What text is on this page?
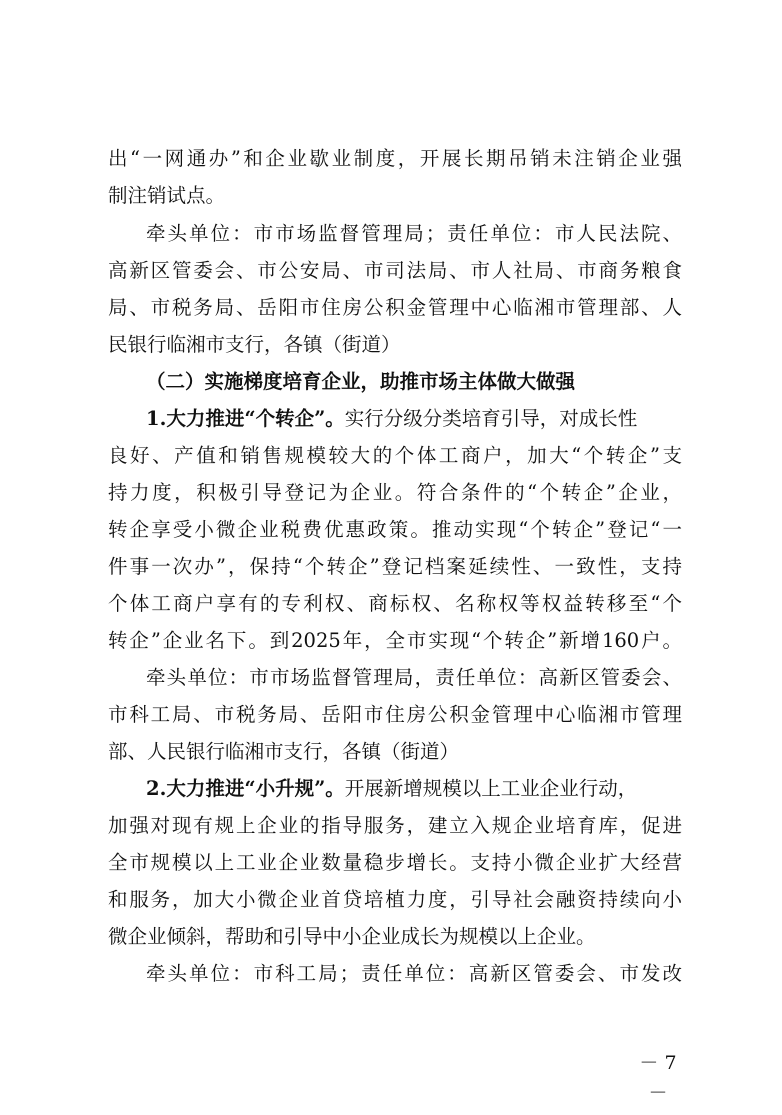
出“一网通办”和企业歇业制度，开展长期吊销未注销企业强
制注销试点。
牵头单位：市市场监督管理局；责任单位：市人民法院、
高新区管委会、市公安局、市司法局、市人社局、市商务粮食
局、市税务局、岳阳市住房公积金管理中心临湘市管理部、人
民银行临湘市支行，各镇（街道）
（二）实施梯度培育企业，助推市场主体做大做强
1.大力推进“个转企”。实行分级分类培育引导，对成长性
良好、产值和销售规模较大的个体工商户，加大“个转企”支
持力度，积极引导登记为企业。符合条件的“个转企”企业，
转企享受小微企业税费优惠政策。推动实现“个转企”登记“一
件事一次办”，保持“个转企”登记档案延续性、一致性，支持
个体工商户享有的专利权、商标权、名称权等权益转移至“个
转企”企业名下。到2025年，全市实现“个转企”新增160户。
牵头单位：市市场监督管理局，责任单位：高新区管委会、
市科工局、市税务局、岳阳市住房公积金管理中心临湘市管理
部、人民银行临湘市支行，各镇（街道）
2.大力推进“小升规”。开展新增规模以上工业企业行动，
加强对现有规上企业的指导服务，建立入规企业培育库，促进
全市规模以上工业企业数量稳步增长。支持小微企业扩大经营
和服务，加大小微企业首贷培植力度，引导社会融资持续向小
微企业倾斜，帮助和引导中小企业成长为规模以上企业。
牵头单位：市科工局；责任单位：高新区管委会、市发改
－ 7 －
